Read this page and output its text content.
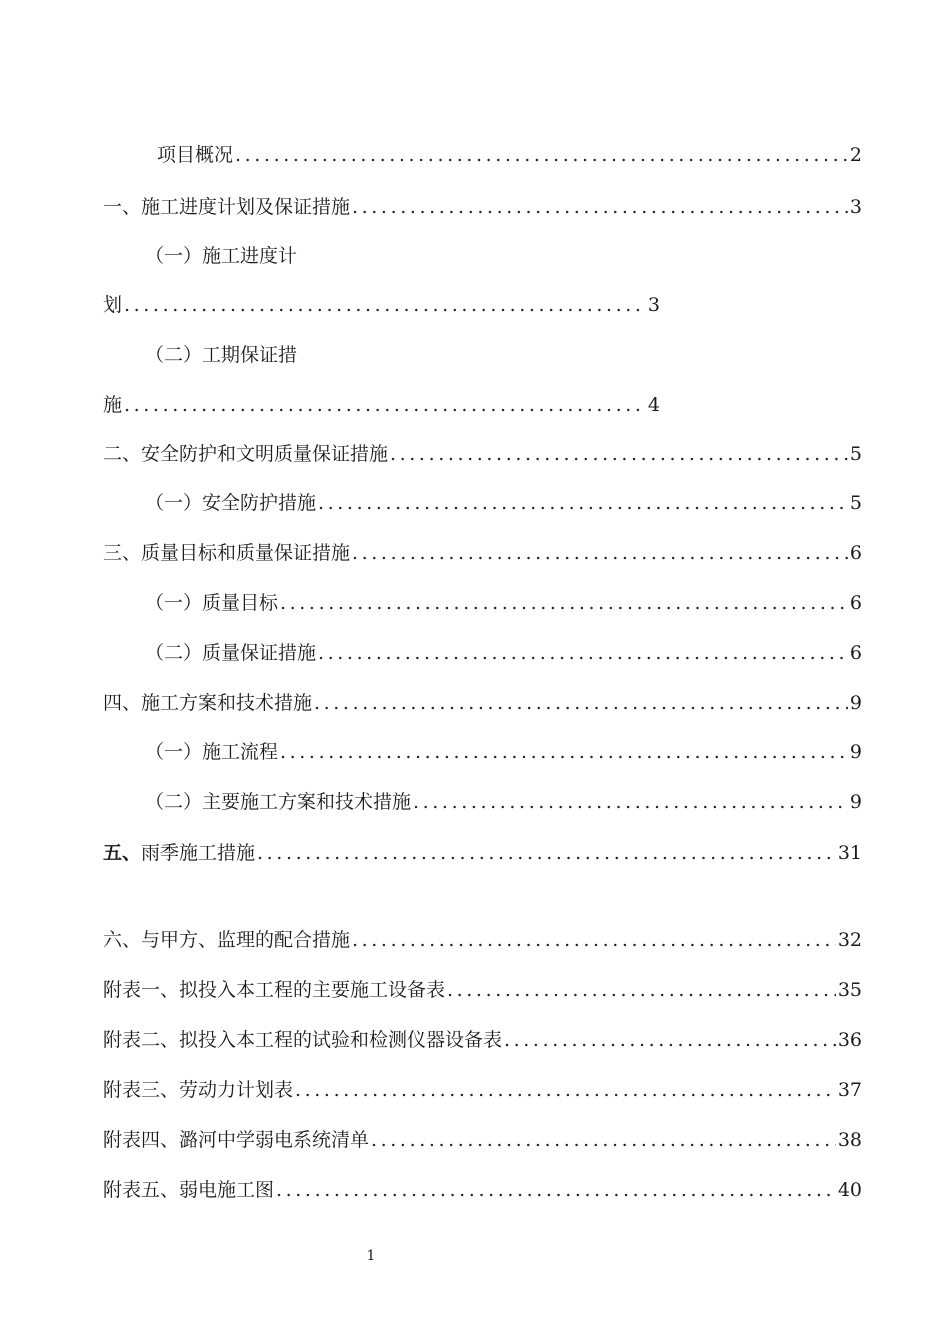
项目概况 .....	2
一、施工进度计划及保证措施 .....	3
（一）施工进度计
划 .....	3
（二）工期保证措
施 .....	4
二、安全防护和文明质量保证措施 .....	5
（一）安全防护措施 .....	5
三、质量目标和质量保证措施 .....	6
（一）质量目标 .....	6
（二）质量保证措施 .....	6
四、施工方案和技术措施 .....	9
（一）施工流程 .....	9
（二）主要施工方案和技术措施 .....	9
五、 雨季施工措施 .....	31
六、与甲方、监理的配合措施 .....	32
附表一、拟投入本工程的主要施工设备表 .....	35
附表二、拟投入本工程的试验和检测仪器设备表 .....	36
附表三、劳动力计划表 .....	37
附表四、潞河中学弱电系统清单 .....	38
附表五、弱电施工图 .....	40
1
